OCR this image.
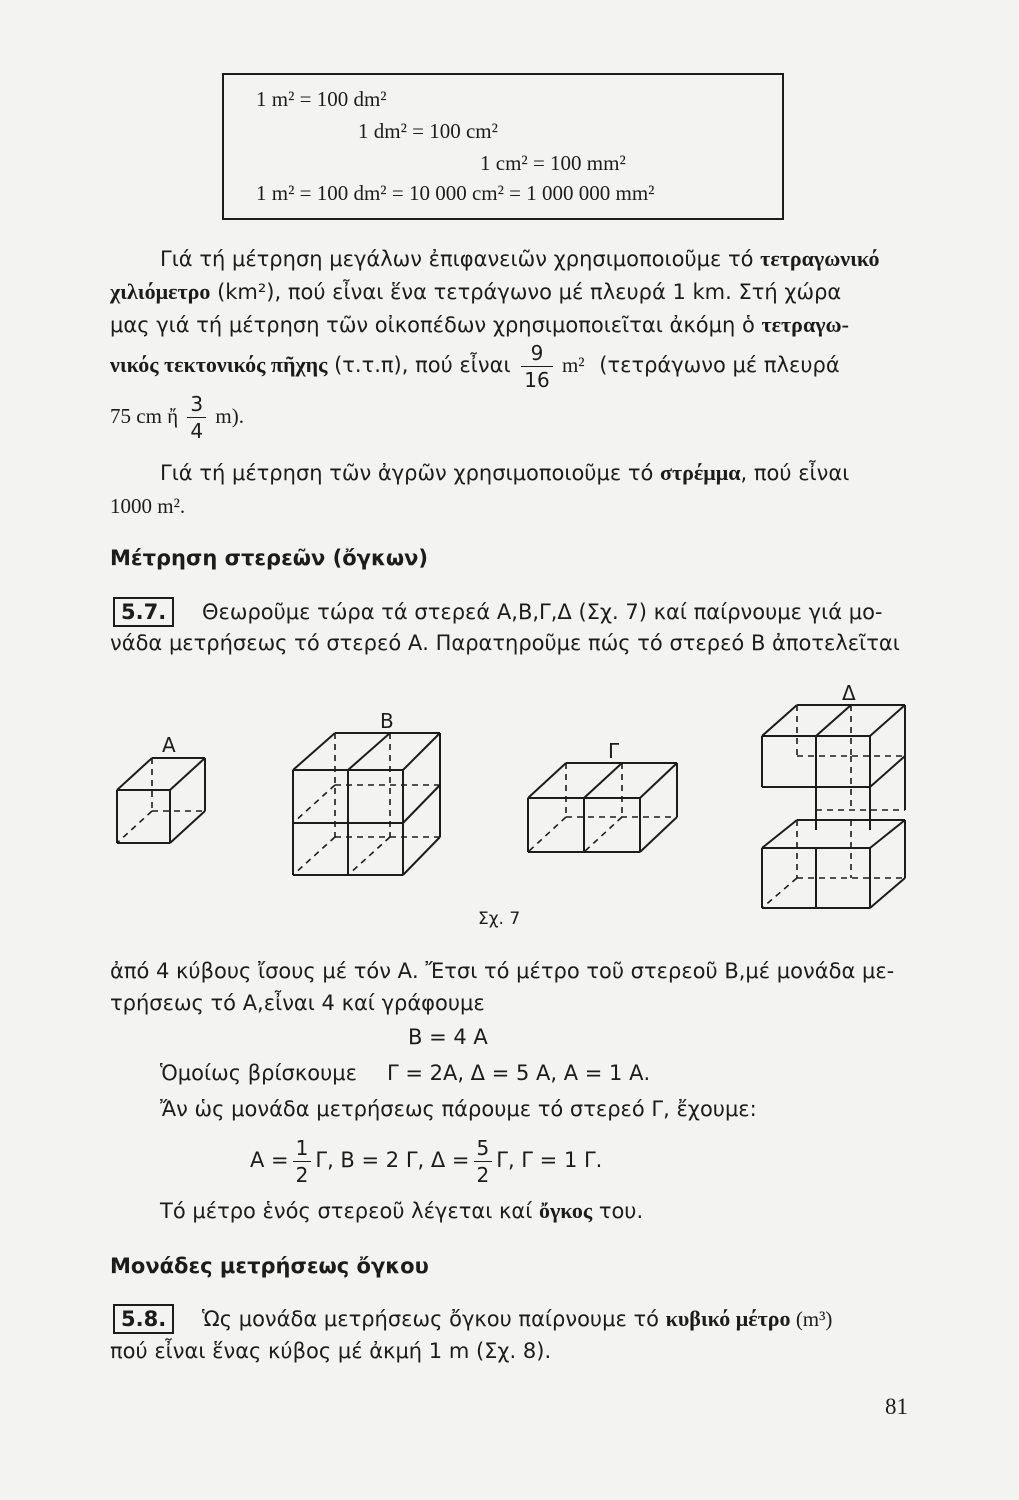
1 m² = 100 dm²
1 dm² = 100 cm²
1 cm² = 100 mm²
1 m² = 100 dm² = 10 000 cm² = 1 000 000 mm²
Γιά τή μέτρηση μεγάλων ἐπιφανειῶν χρησιμοποιοῦμε τό τετραγωνικό
χιλιόμετρο (km²), πού εἶναι ἕνα τετράγωνο μέ πλευρά 1 km. Στή χώρα
μας γιά τή μέτρηση τῶν οἰκοπέδων χρησιμοποιεῖται ἀκόμη ὁ τετραγω-
νικός τεκτονικός πῆχης (τ.τ.π), πού εἶναι $\frac{9}{16} m^2$ (τετράγωνο μέ πλευρά
75 cm ἤ $\frac{3}{4} m$).
Γιά τή μέτρηση τῶν ἀγρῶν χρησιμοποιοῦμε τό στρέμμα, πού εἶναι
1000 m².
Μέτρηση στερεῶν (ὄγκων)
5.7.	Θεωροῦμε τώρα τά στερεά Α,Β,Γ,Δ (Σχ. 7) καί παίρνουμε γιά μο-
νάδα μετρήσεως τό στερεό Α. Παρατηροῦμε πώς τό στερεό Β ἀποτελεῖται
Α
Β
Γ
Δ
Σχ. 7
ἀπό 4 κύβους ἴσους μέ τόν Α. Ἔτσι τό μέτρο τοῦ στερεοῦ Β,μέ μονάδα με-
τρήσεως τό Α,εἶναι 4 καί γράφουμε
Β = 4 Α
Ὁμοίως βρίσκουμε Γ = 2Α, Δ = 5 Α, Α = 1 Α.
Ἄν ὡς μονάδα μετρήσεως πάρουμε τό στερεό Γ, ἔχουμε:
$A = \frac{1}{2} \Gamma$, Β = 2 Γ, $\Delta = \frac{5}{2} \Gamma$, Γ = 1 Γ.
Τό μέτρο ἑνός στερεοῦ λέγεται καί ὄγκος του.
Μονάδες μετρήσεως ὄγκου
5.8.	Ὡς μονάδα μετρήσεως ὄγκου παίρνουμε τό κυβικό μέτρο (m³)
πού εἶναι ἕνας κύβος μέ ἀκμή 1 m (Σχ. 8).
81
